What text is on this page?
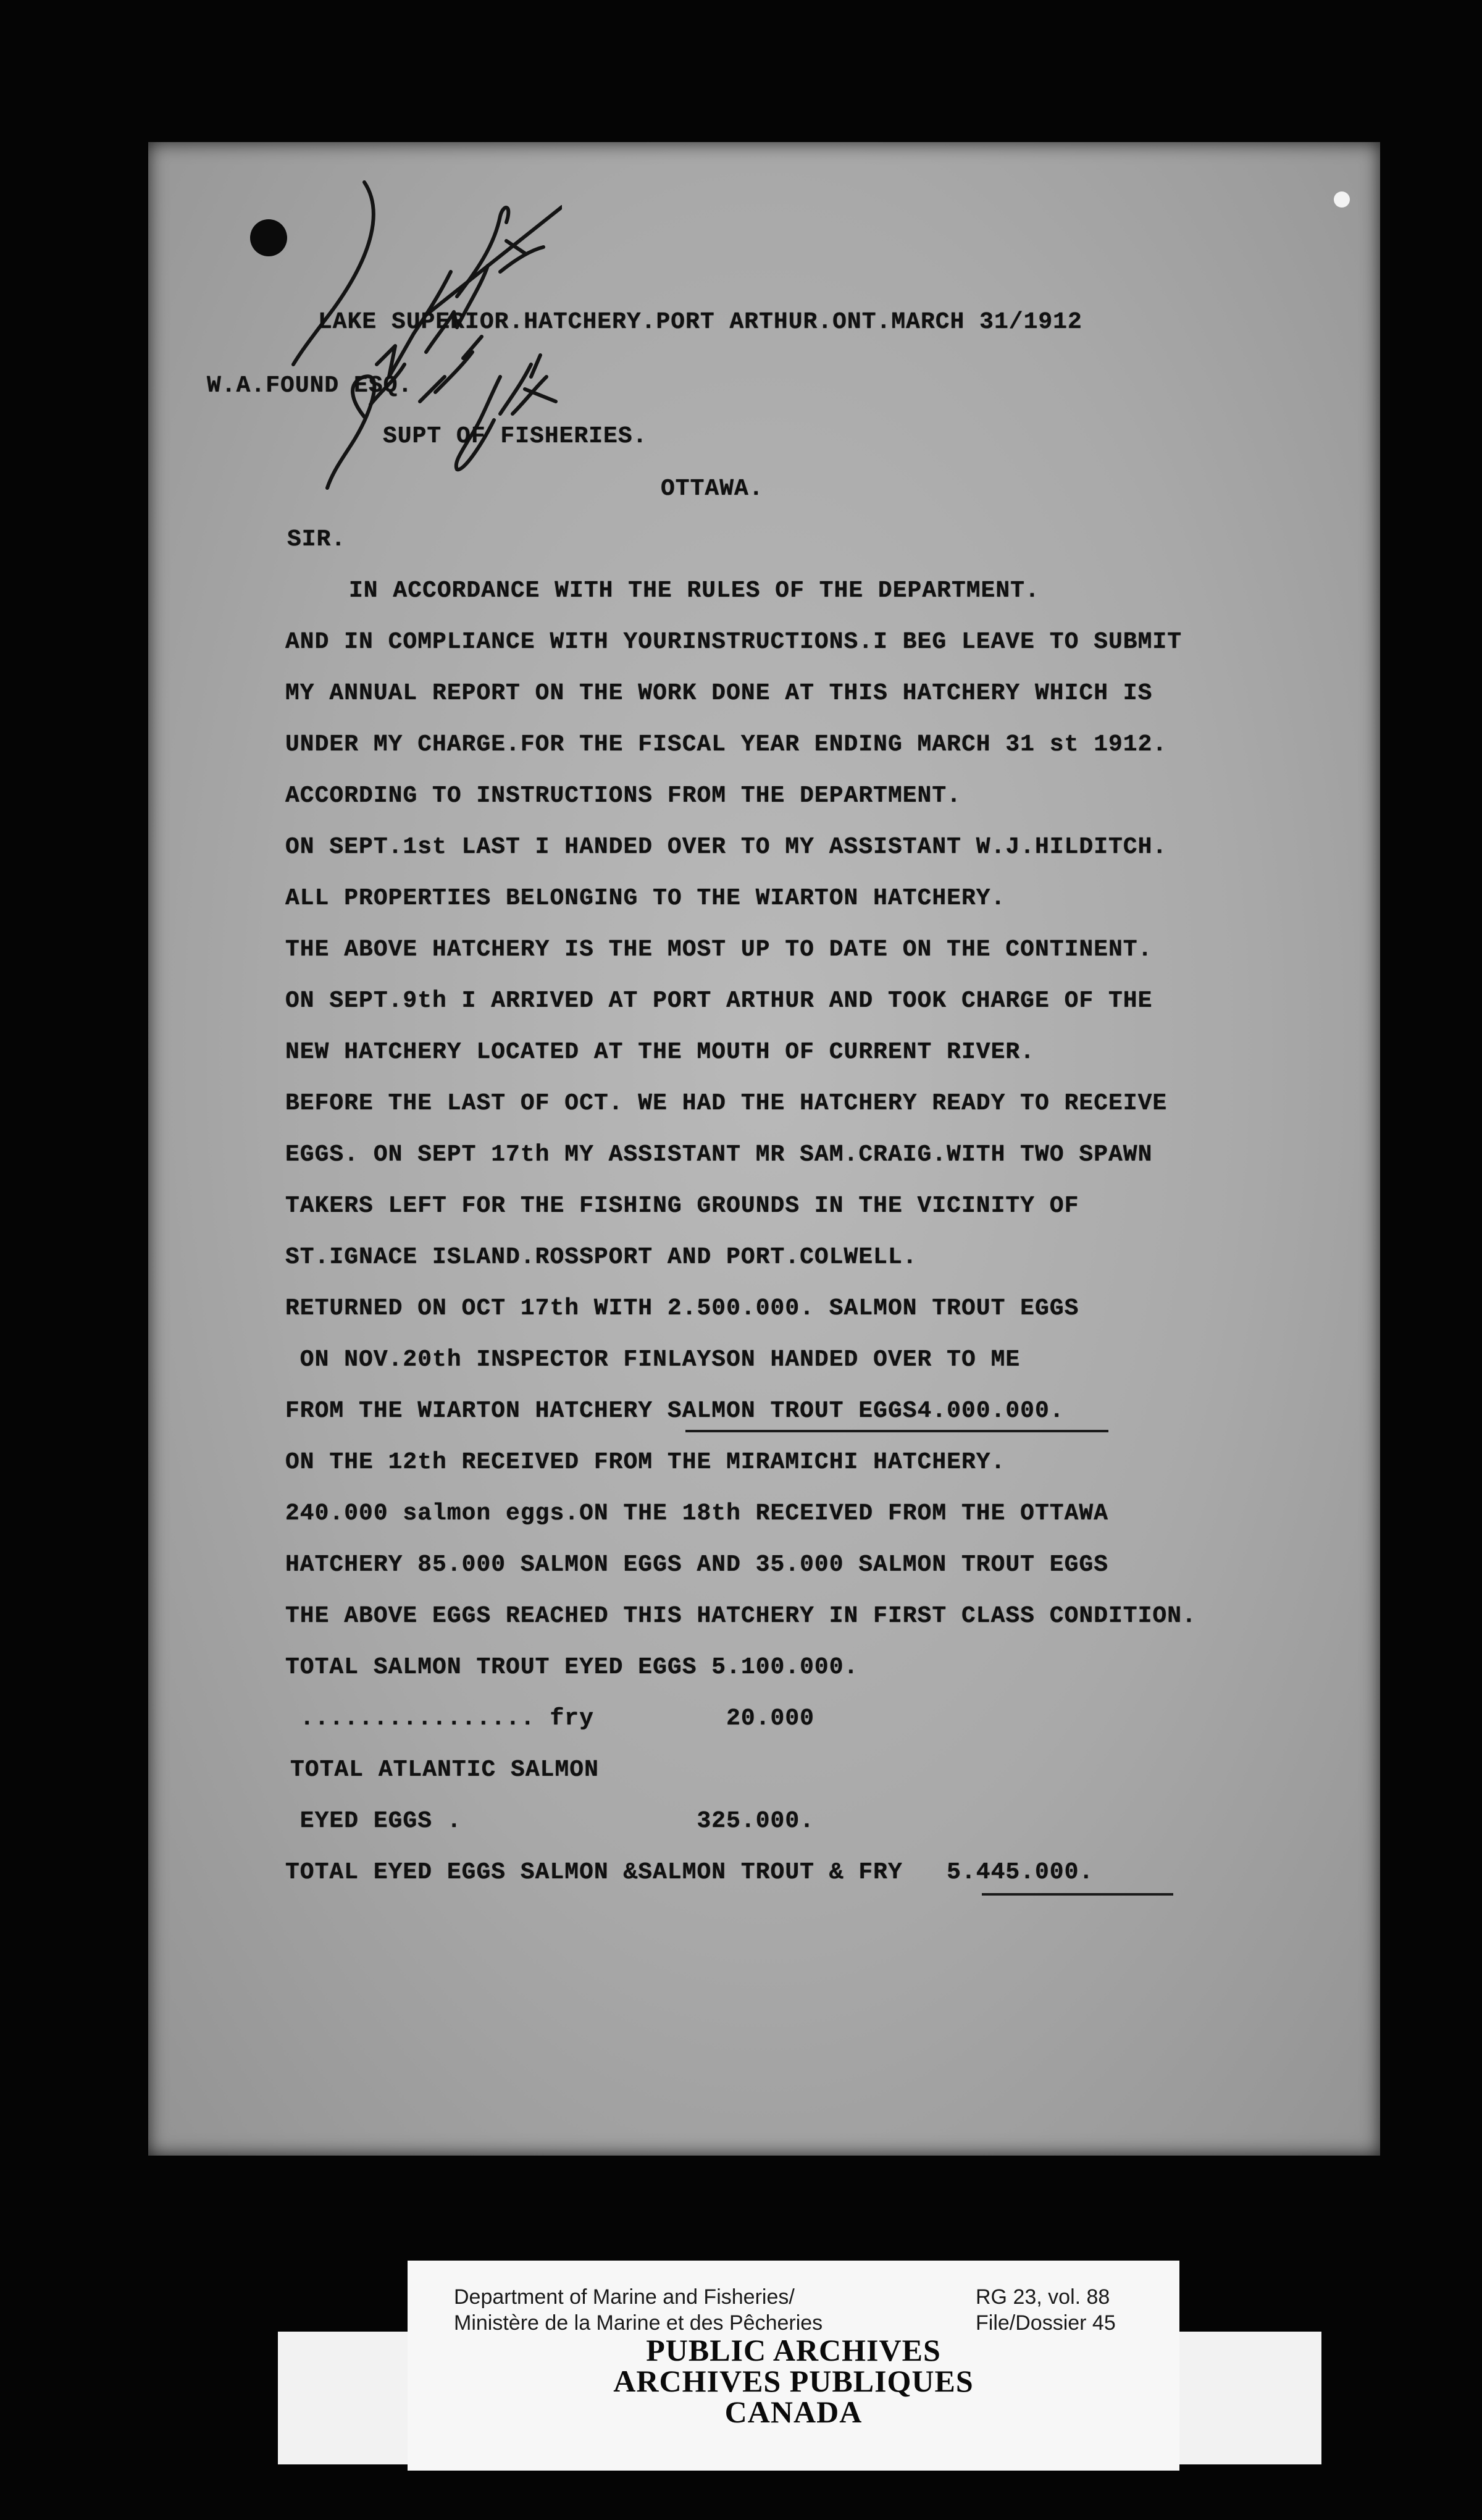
LAKE SUPERIOR.HATCHERY.PORT ARTHUR.ONT.MARCH 31/1912
W.A.FOUND ESQ.
SUPT OF FISHERIES.
OTTAWA.
SIR.
IN ACCORDANCE WITH THE RULES OF THE DEPARTMENT.
AND IN COMPLIANCE WITH YOURINSTRUCTIONS.I BEG LEAVE TO SUBMIT
MY ANNUAL REPORT ON THE WORK DONE AT THIS HATCHERY WHICH IS
UNDER MY CHARGE.FOR THE FISCAL YEAR ENDING MARCH 31 st 1912.
ACCORDING TO INSTRUCTIONS FROM THE DEPARTMENT.
ON SEPT.1st LAST I HANDED OVER TO MY ASSISTANT W.J.HILDITCH.
ALL PROPERTIES BELONGING TO THE WIARTON HATCHERY.
THE ABOVE HATCHERY IS THE MOST UP TO DATE ON THE CONTINENT.
ON SEPT.9th I ARRIVED AT PORT ARTHUR AND TOOK CHARGE OF THE
NEW HATCHERY LOCATED AT THE MOUTH OF CURRENT RIVER.
BEFORE THE LAST OF OCT. WE HAD THE HATCHERY READY TO RECEIVE
EGGS. ON SEPT 17th MY ASSISTANT MR SAM.CRAIG.WITH TWO SPAWN
TAKERS LEFT FOR THE FISHING GROUNDS IN THE VICINITY OF
ST.IGNACE ISLAND.ROSSPORT AND PORT.COLWELL.
RETURNED ON OCT 17th WITH 2.500.000. SALMON TROUT EGGS
ON NOV.20th INSPECTOR FINLAYSON HANDED OVER TO ME
FROM THE WIARTON HATCHERY SALMON TROUT EGGS4.000.000.
ON THE 12th RECEIVED FROM THE MIRAMICHI HATCHERY.
240.000 salmon eggs.ON THE 18th RECEIVED FROM THE OTTAWA
HATCHERY 85.000 SALMON EGGS AND 35.000 SALMON TROUT EGGS
THE ABOVE EGGS REACHED THIS HATCHERY IN FIRST CLASS CONDITION.
TOTAL SALMON TROUT EYED EGGS 5.100.000.
................ fry         20.000
TOTAL ATLANTIC SALMON
EYED EGGS .                325.000.
TOTAL EYED EGGS SALMON &SALMON TROUT & FRY   5.445.000.
Department of Marine and Fisheries/
Ministère de la Marine et des Pêcheries
RG 23, vol. 88
File/Dossier 45
PUBLIC ARCHIVES
ARCHIVES PUBLIQUES
CANADA
